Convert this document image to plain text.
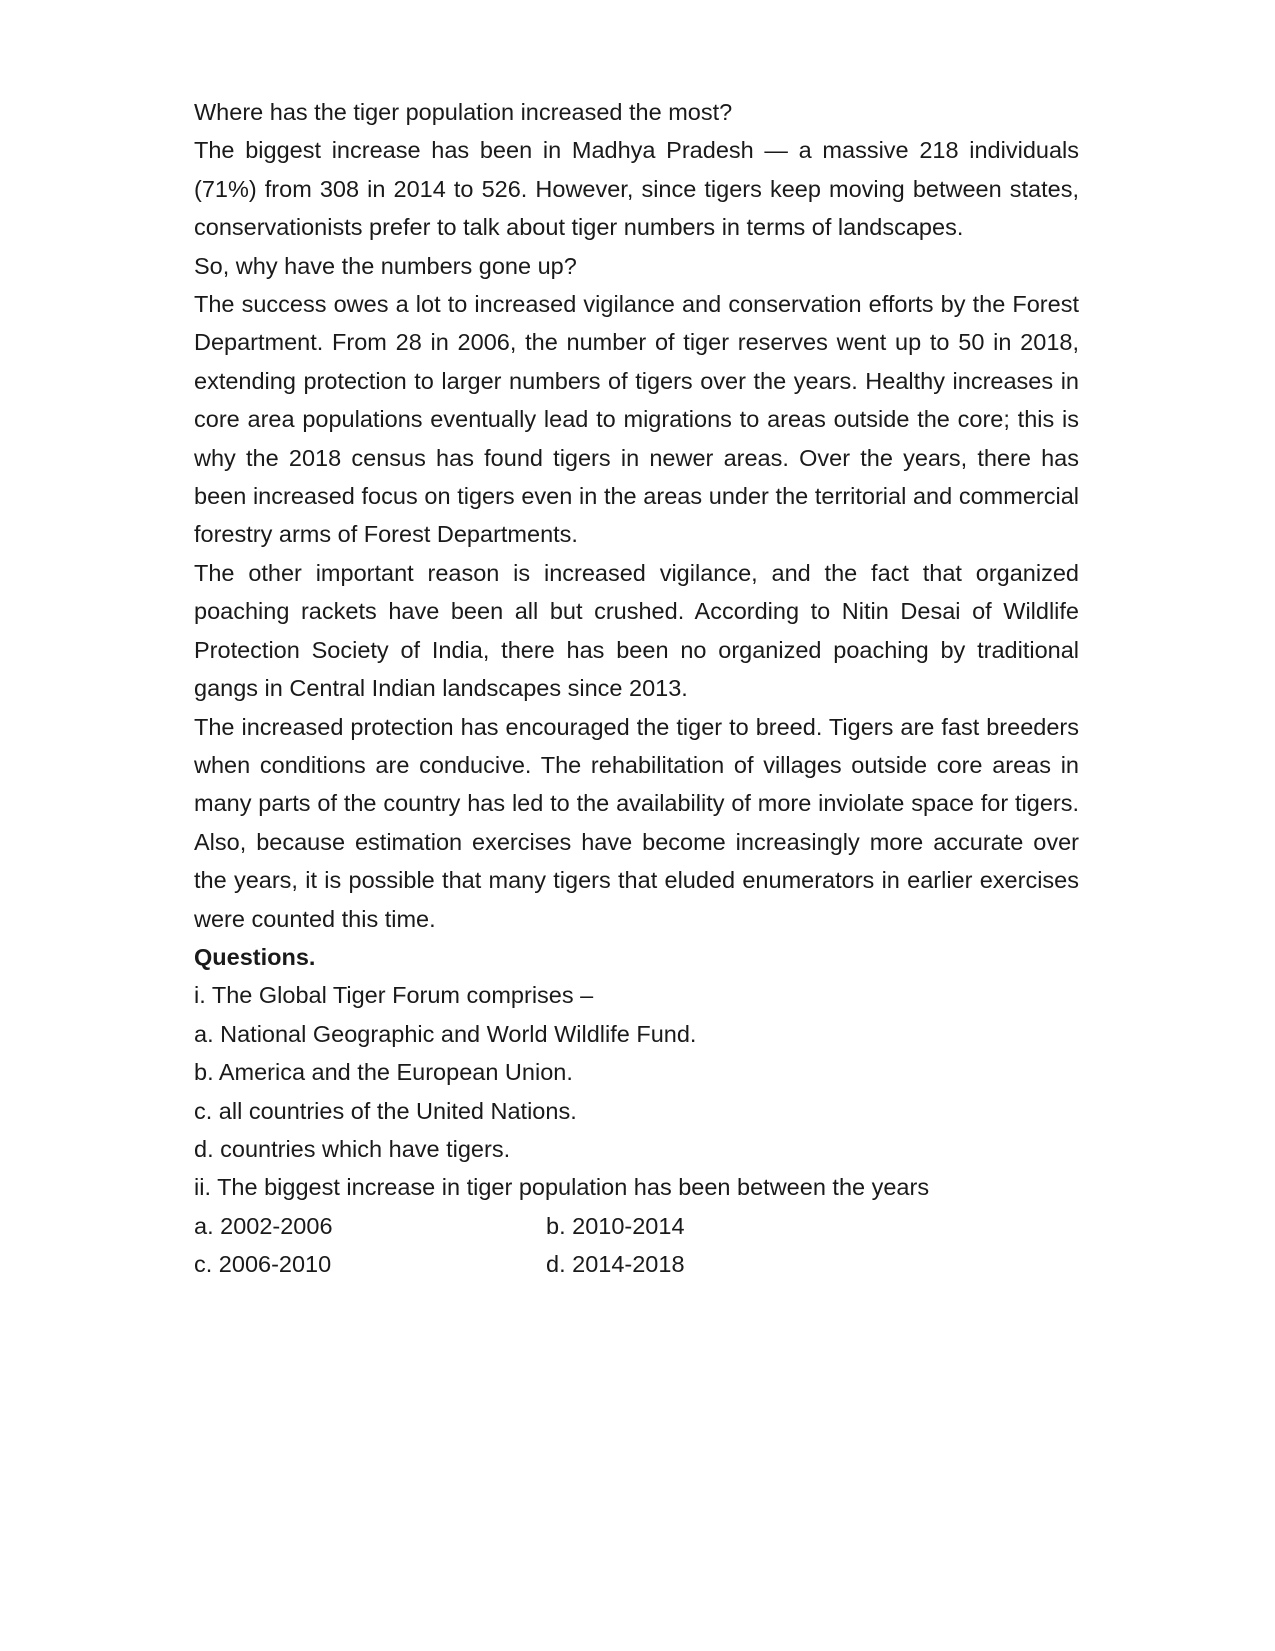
Where has the tiger population increased the most?

The biggest increase has been in Madhya Pradesh — a massive 218 individuals (71%) from 308 in 2014 to 526. However, since tigers keep moving between states, conservationists prefer to talk about tiger numbers in terms of landscapes.

So, why have the numbers gone up?

The success owes a lot to increased vigilance and conservation efforts by the Forest Department. From 28 in 2006, the number of tiger reserves went up to 50 in 2018, extending protection to larger numbers of tigers over the years. Healthy increases in core area populations eventually lead to migrations to areas outside the core; this is why the 2018 census has found tigers in newer areas. Over the years, there has been increased focus on tigers even in the areas under the territorial and commercial forestry arms of Forest Departments.

The other important reason is increased vigilance, and the fact that organized poaching rackets have been all but crushed. According to Nitin Desai of Wildlife Protection Society of India, there has been no organized poaching by traditional gangs in Central Indian landscapes since 2013.

The increased protection has encouraged the tiger to breed. Tigers are fast breeders when conditions are conducive. The rehabilitation of villages outside core areas in many parts of the country has led to the availability of more inviolate space for tigers. Also, because estimation exercises have become increasingly more accurate over the years, it is possible that many tigers that eluded enumerators in earlier exercises were counted this time.

Questions.

i. The Global Tiger Forum comprises –

a. National Geographic and World Wildlife Fund.

b. America and the European Union.

c. all countries of the United Nations.

d. countries which have tigers.

ii. The biggest increase in tiger population has been between the years

a. 2002-2006	b. 2010-2014
c. 2006-2010	d. 2014-2018
